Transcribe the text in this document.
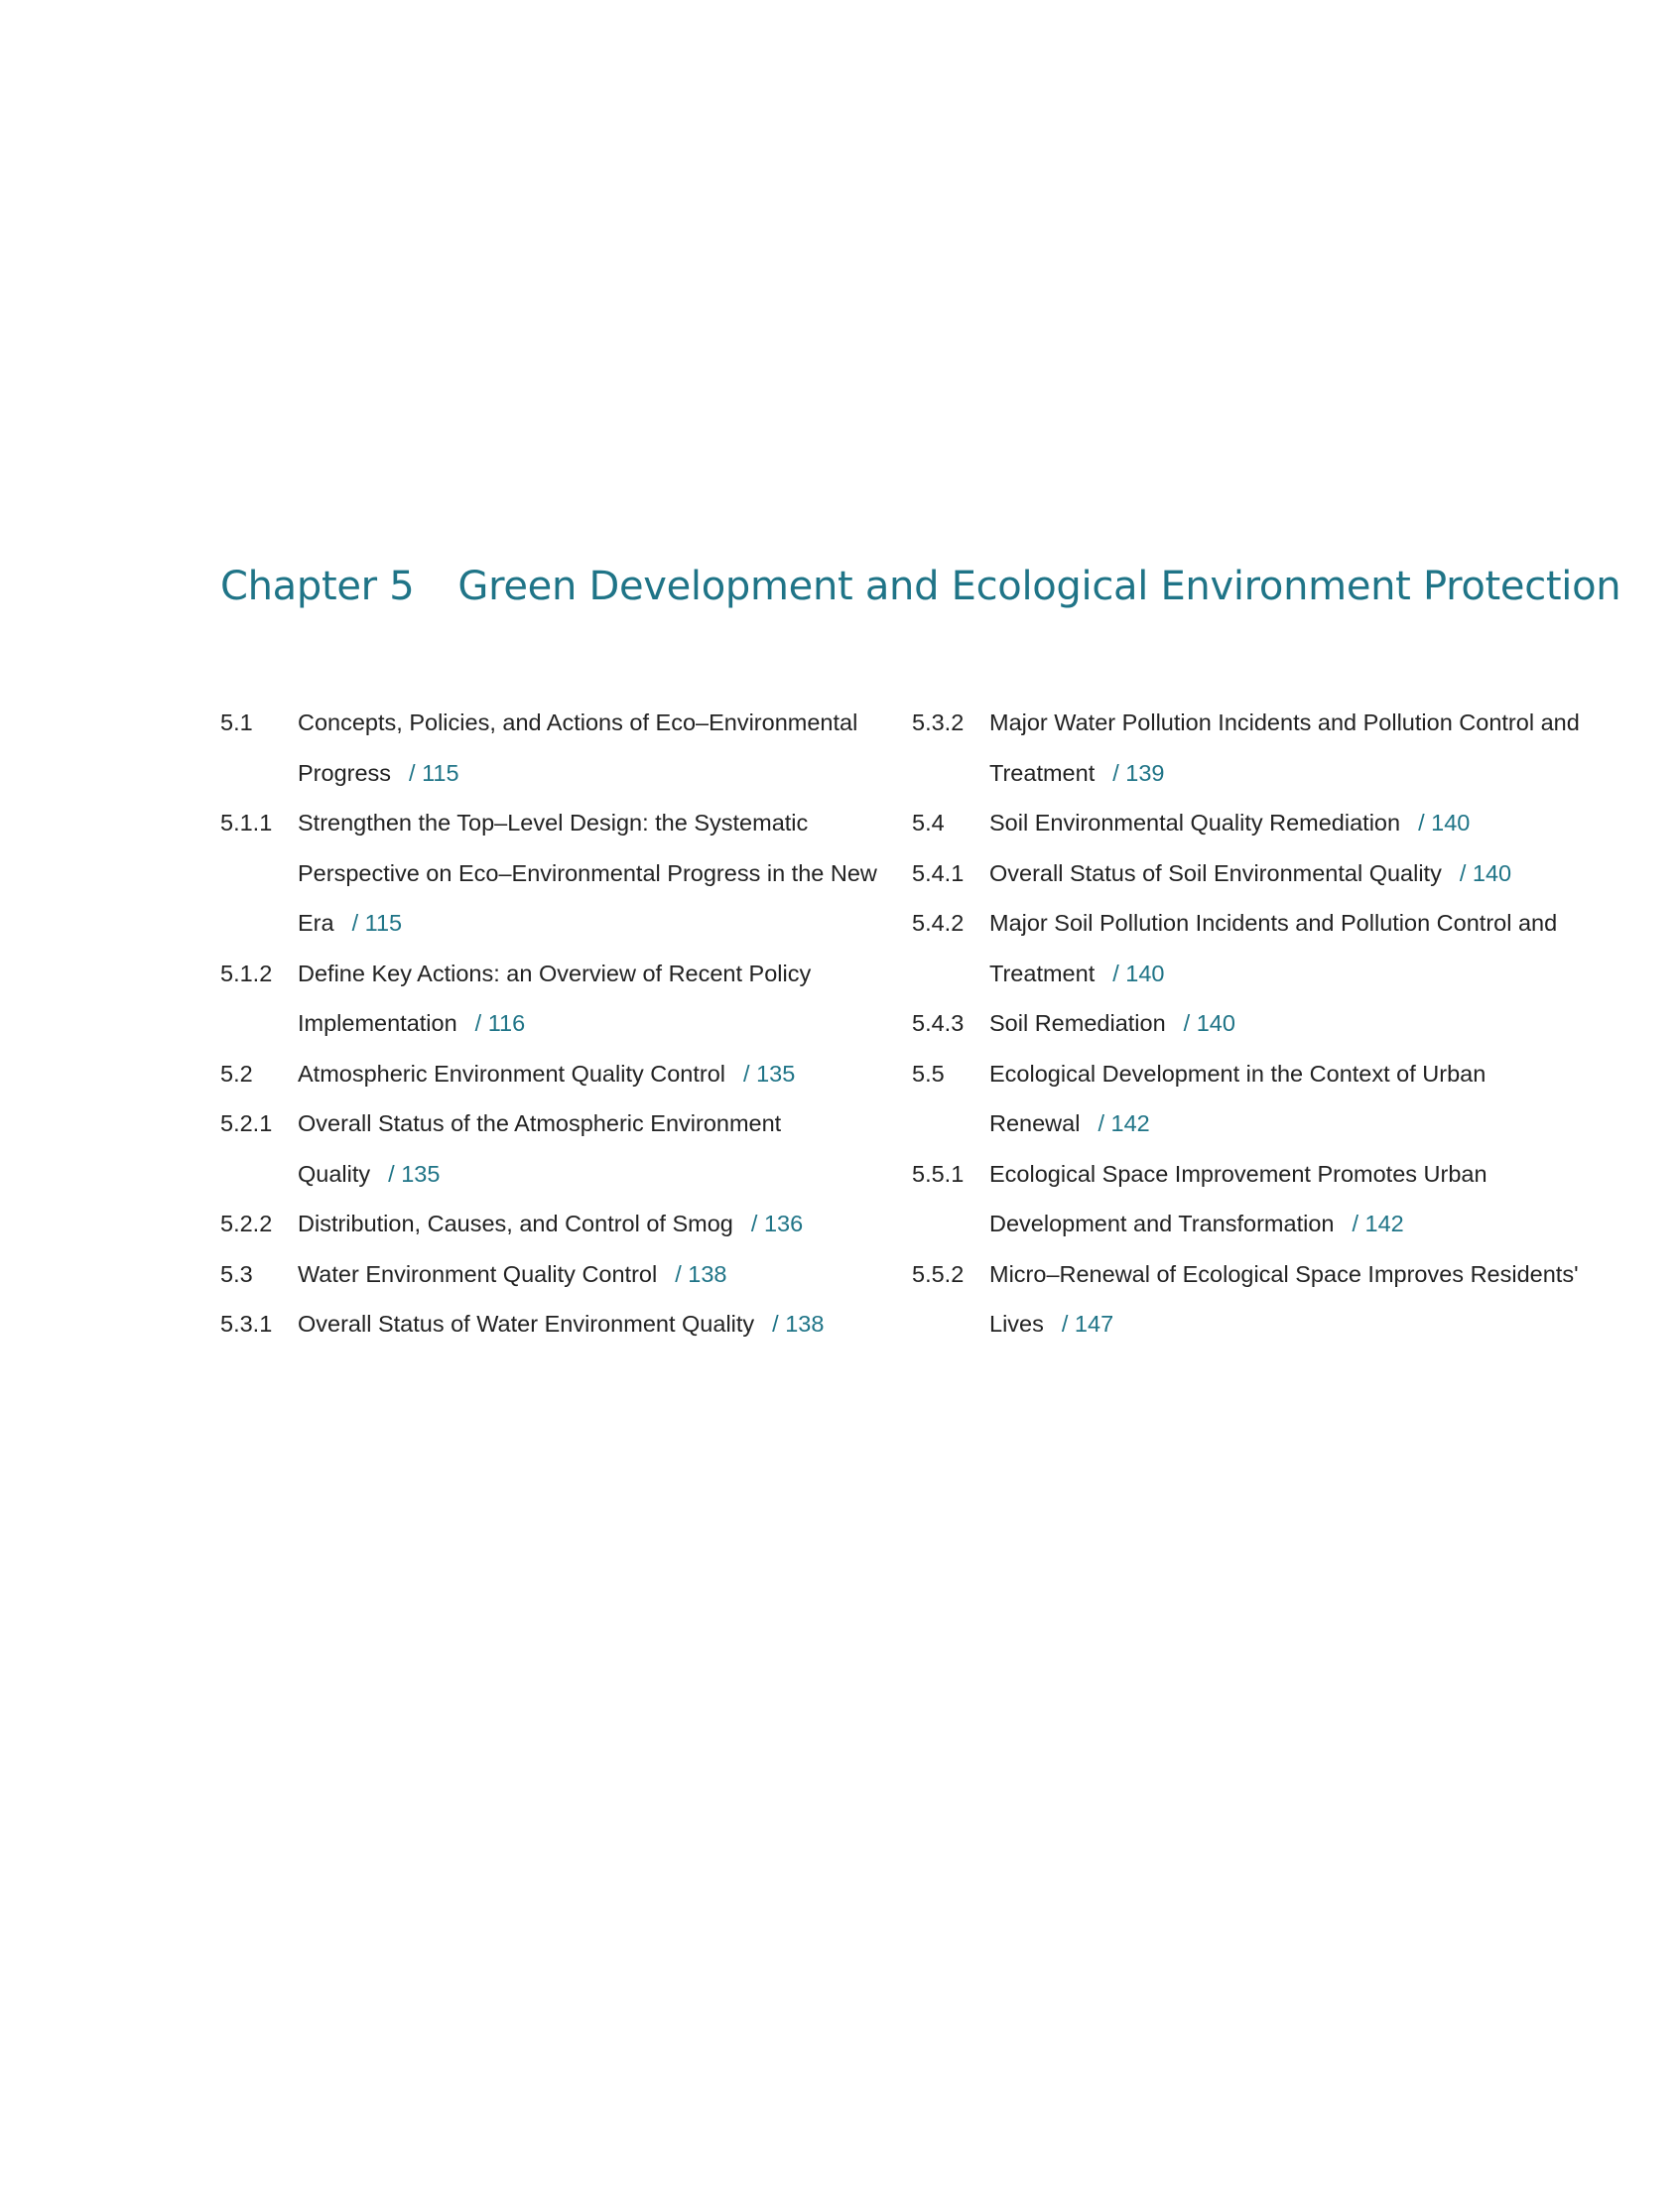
Chapter 5 Green Development and Ecological Environment Protection
5.1	Concepts, Policies, and Actions of Eco–Environmental Progress / 115
5.1.1	Strengthen the Top–Level Design: the Systematic Perspective on Eco–Environmental Progress in the New Era / 115
5.1.2	Define Key Actions: an Overview of Recent Policy Implementation / 116
5.2	Atmospheric Environment Quality Control / 135
5.2.1	Overall Status of the Atmospheric Environment Quality / 135
5.2.2	Distribution, Causes, and Control of Smog / 136
5.3	Water Environment Quality Control / 138
5.3.1	Overall Status of Water Environment Quality / 138
5.3.2	Major Water Pollution Incidents and Pollution Control and Treatment / 139
5.4	Soil Environmental Quality Remediation / 140
5.4.1	Overall Status of Soil Environmental Quality / 140
5.4.2	Major Soil Pollution Incidents and Pollution Control and Treatment / 140
5.4.3	Soil Remediation / 140
5.5	Ecological Development in the Context of Urban Renewal / 142
5.5.1	Ecological Space Improvement Promotes Urban Development and Transformation / 142
5.5.2	Micro–Renewal of Ecological Space Improves Residents' Lives / 147
